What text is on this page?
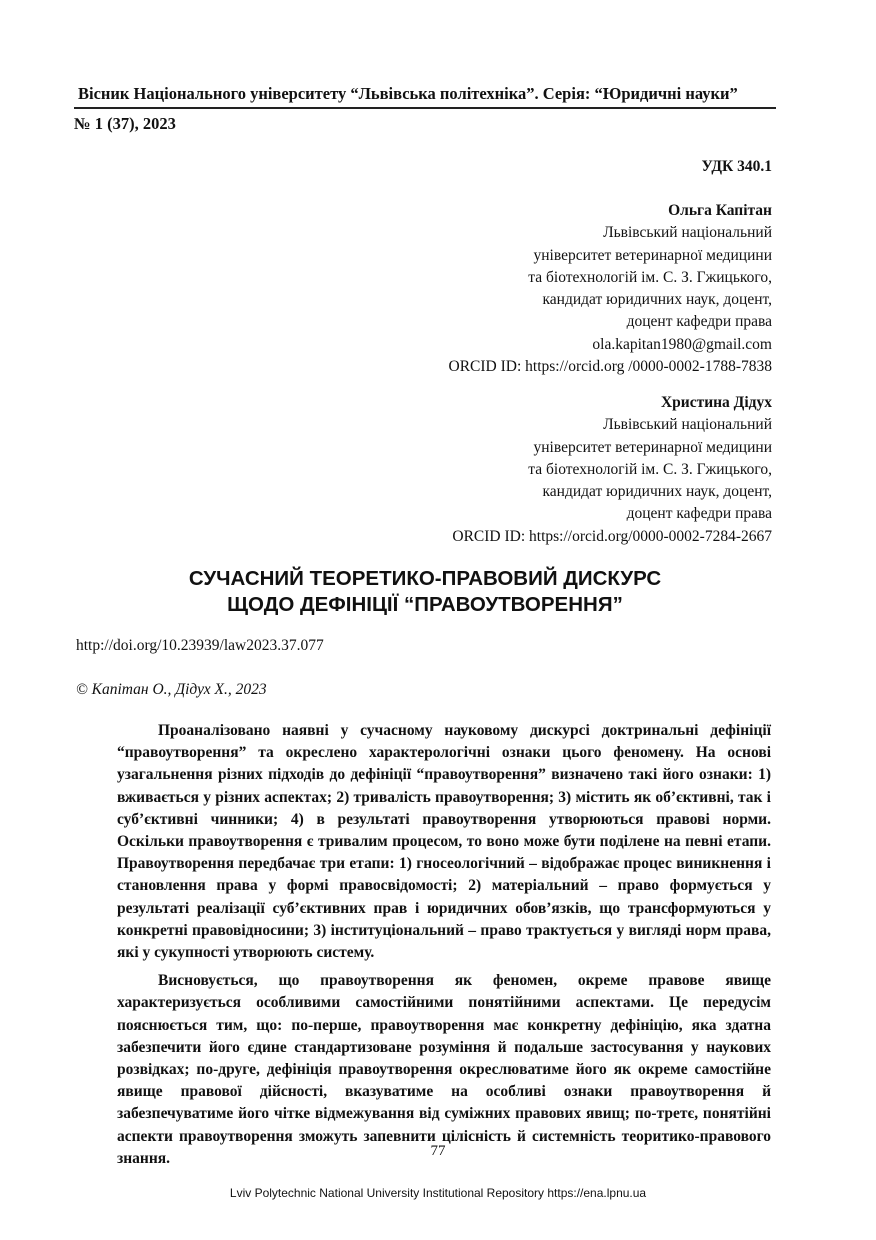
Вісник Національного університету “Львівська політехніка”. Серія: “Юридичні науки”
№ 1 (37), 2023
УДК 340.1
Ольга Капітан
Львівський національний
університет ветеринарної медицини
та біотехнологій ім. С. З. Гжицького,
кандидат юридичних наук, доцент,
доцент кафедри права
ola.kapitan1980@gmail.com
ORCID ID: https://orcid.org /0000-0002-1788-7838
Христина Дідух
Львівський національний
університет ветеринарної медицини
та біотехнологій ім. С. З. Гжицького,
кандидат юридичних наук, доцент,
доцент кафедри права
ORCID ID: https://orcid.org/0000-0002-7284-2667
СУЧАСНИЙ ТЕОРЕТИКО-ПРАВОВИЙ ДИСКУРС
ЩОДО ДЕФІНІЦІЇ “ПРАВОУТВОРЕННЯ”
http://doi.org/10.23939/law2023.37.077
© Капітан О., Дідух Х., 2023

Проаналізовано наявні у сучасному науковому дискурсі доктринальні дефініції “правоутворення” та окреслено характерологічні ознаки цього феномену. На основі узагальнення різних підходів до дефініції “правоутворення” визначено такі його ознаки: 1) вживається у різних аспектах; 2) тривалість правоутворення; 3) містить як об’єктивні, так і суб’єктивні чинники; 4) в результаті правоутворення утворюються правові норми. Оскільки правоутворення є тривалим процесом, то воно може бути поділене на певні етапи. Правоутворення передбачає три етапи: 1) гносеологічний – відображає процес виникнення і становлення права у формі правосвідомості; 2) матеріальний – право формується у результаті реалізації суб’єктивних прав і юридичних обов’язків, що трансформуються у конкретні правовідносини; 3) інституціональний – право трактується у вигляді норм права, які у сукупності утворюють систему.

Висновується, що правоутворення як феномен, окреме правове явище характеризується особливими самостійними понятійними аспектами. Це передусім пояснюється тим, що: по-перше, правоутворення має конкретну дефініцію, яка здатна забезпечити його єдине стандартизоване розуміння й подальше застосування у наукових розвідках; по-друге, дефініція правоутворення окреслюватиме його як окреме самостійне явище правової дійсності, вказуватиме на особливі ознаки правоутворення й забезпечуватиме його чітке відмежування від суміжних правових явищ; по-третє, понятійні аспекти правоутворення зможуть запевнити цілісність й системність теоритико-правового знання.	77
Lviv Polytechnic National University Institutional Repository https://ena.lpnu.ua
